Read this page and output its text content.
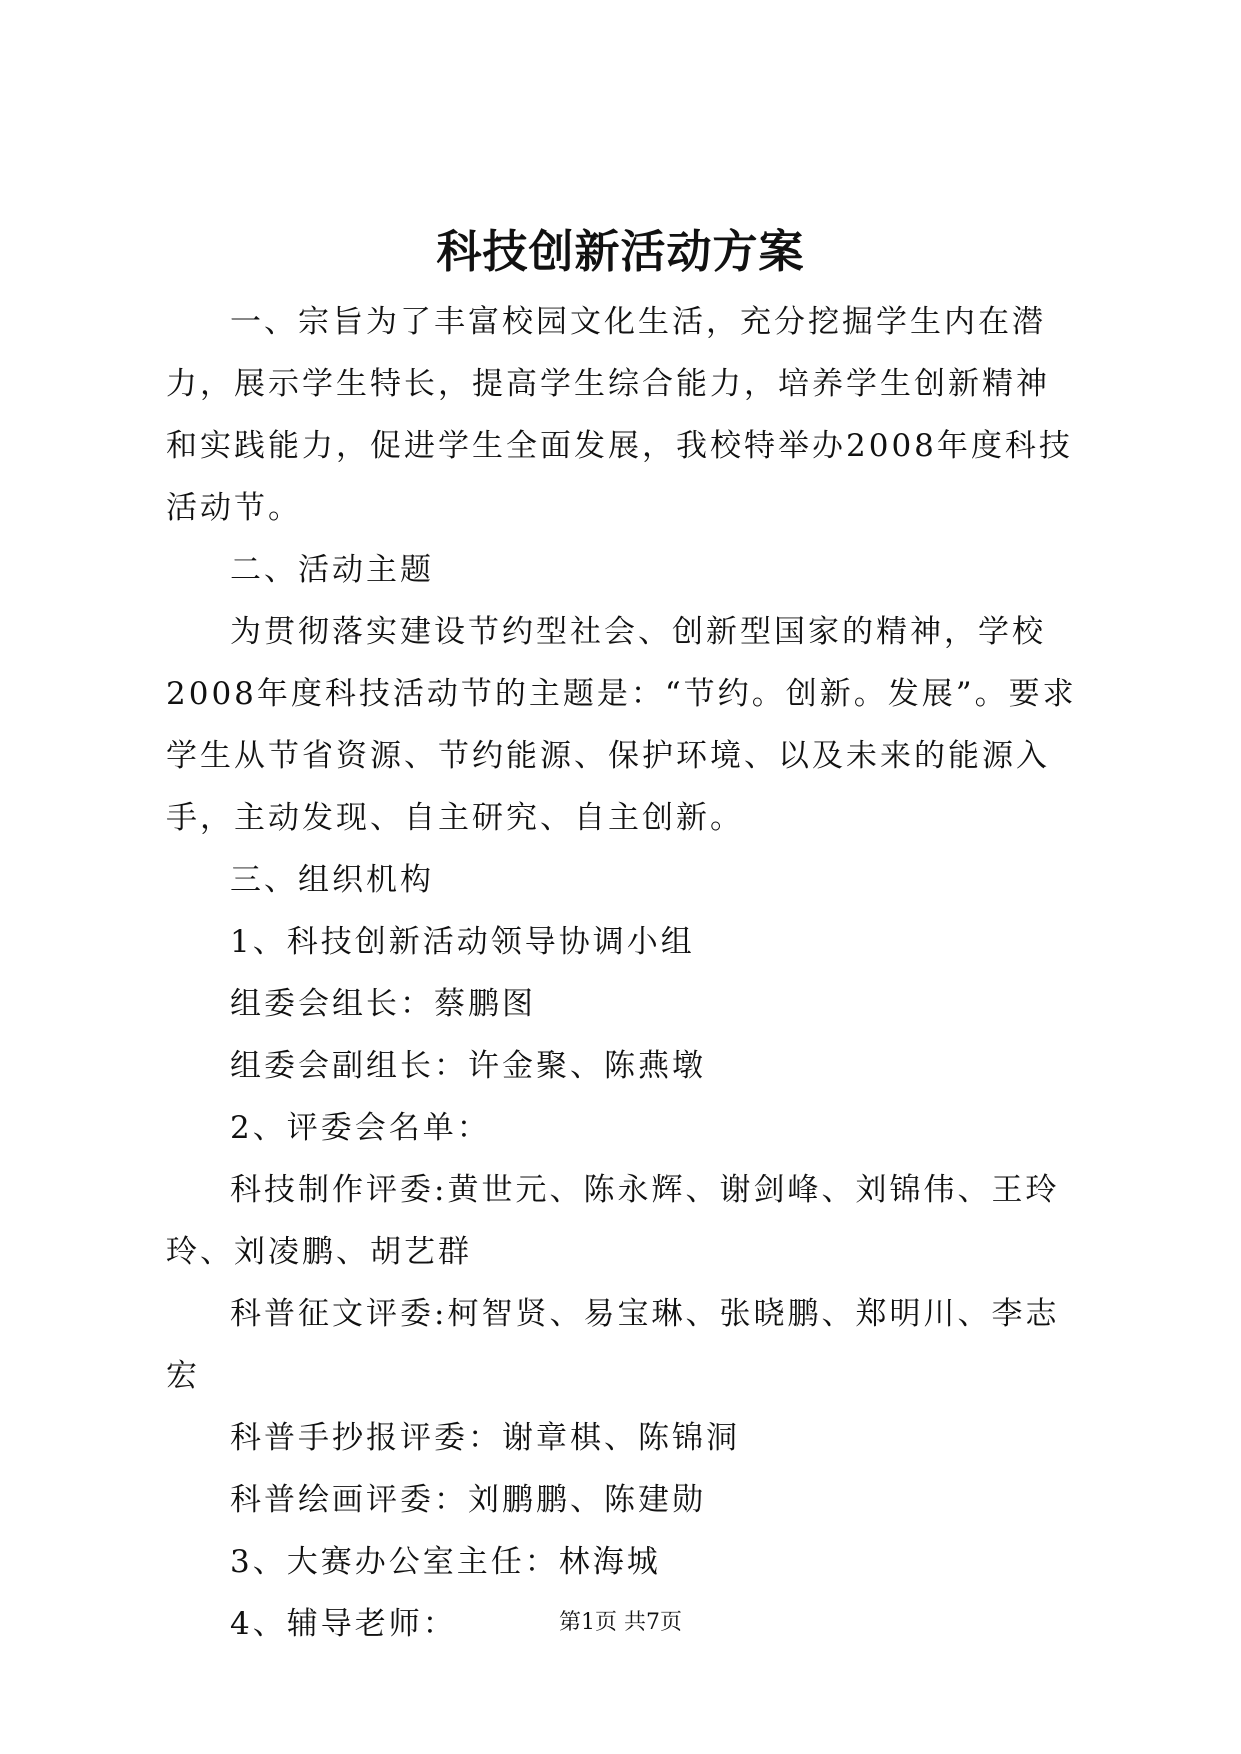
科技创新活动方案

一、宗旨为了丰富校园文化生活，充分挖掘学生内在潜力，展示学生特长，提高学生综合能力，培养学生创新精神和实践能力，促进学生全面发展，我校特举办2008年度科技活动节。

二、活动主题

为贯彻落实建设节约型社会、创新型国家的精神，学校2008年度科技活动节的主题是：“节约。创新。发展”。要求学生从节省资源、节约能源、保护环境、以及未来的能源入手，主动发现、自主研究、自主创新。

三、组织机构

1、科技创新活动领导协调小组

组委会组长：蔡鹏图

组委会副组长：许金聚、陈燕墩

2、评委会名单：

科技制作评委:黄世元、陈永辉、谢剑峰、刘锦伟、王玲玲、刘凌鹏、胡艺群

科普征文评委:柯智贤、易宝琳、张晓鹏、郑明川、李志宏

科普手抄报评委：谢章棋、陈锦洞

科普绘画评委：刘鹏鹏、陈建勋

3、大赛办公室主任：林海城

4、辅导老师：	第1页 共7页
